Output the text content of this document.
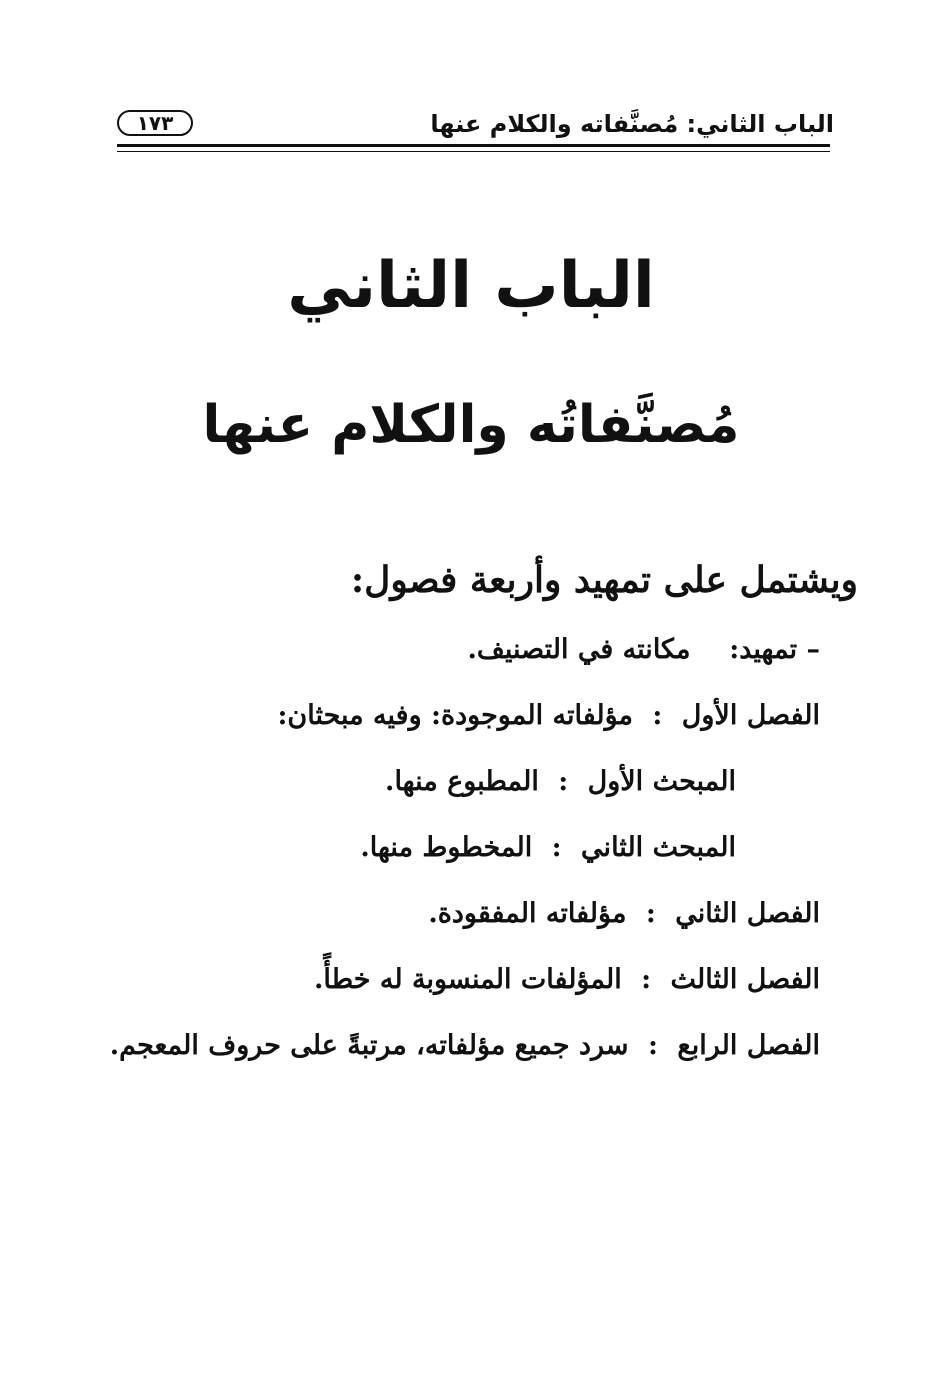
الباب الثاني: مُصنَّفاته والكلام عنها
١٧٣
الباب الثاني
مُصنَّفاتُه والكلام عنها
ويشتمل على تمهيد وأربعة فصول:
– تمهيد:  مكانته في التصنيف.
الفصل الأول : مؤلفاته الموجودة: وفيه مبحثان:
المبحث الأول : المطبوع منها.
المبحث الثاني : المخطوط منها.
الفصل الثاني : مؤلفاته المفقودة.
الفصل الثالث : المؤلفات المنسوبة له خطأً.
الفصل الرابع : سرد جميع مؤلفاته، مرتبةً على حروف المعجم.
